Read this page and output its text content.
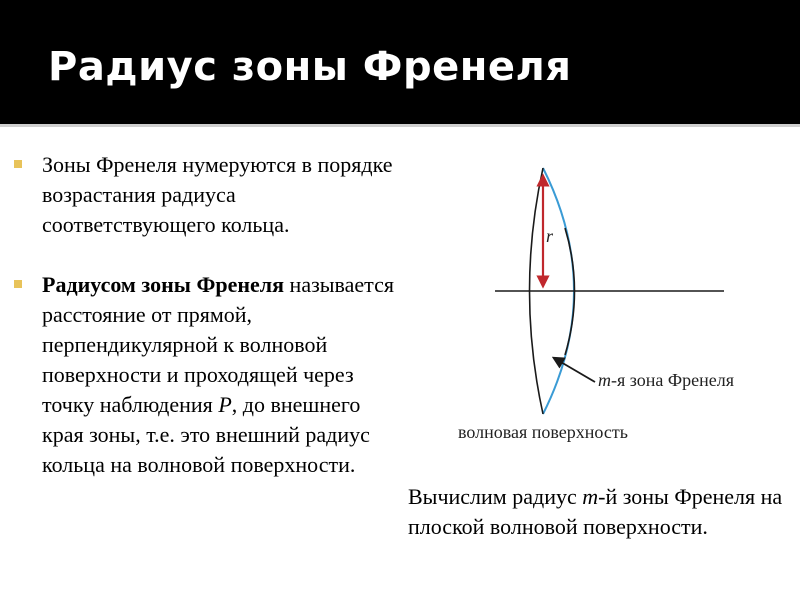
Радиус зоны Френеля
Зоны Френеля нумеруются в порядке возрастания радиуса соответствующего кольца.
Радиусом зоны Френеля называется расстояние от прямой, перпендикулярной к волновой поверхности и проходящей через точку наблюдения P, до внешнего края зоны, т.е. это внешний радиус кольца на волновой поверхности.
r
m-я зона Френеля
волновая поверхность
Вычислим радиус m-й зоны Френеля на плоской волновой поверхности.
